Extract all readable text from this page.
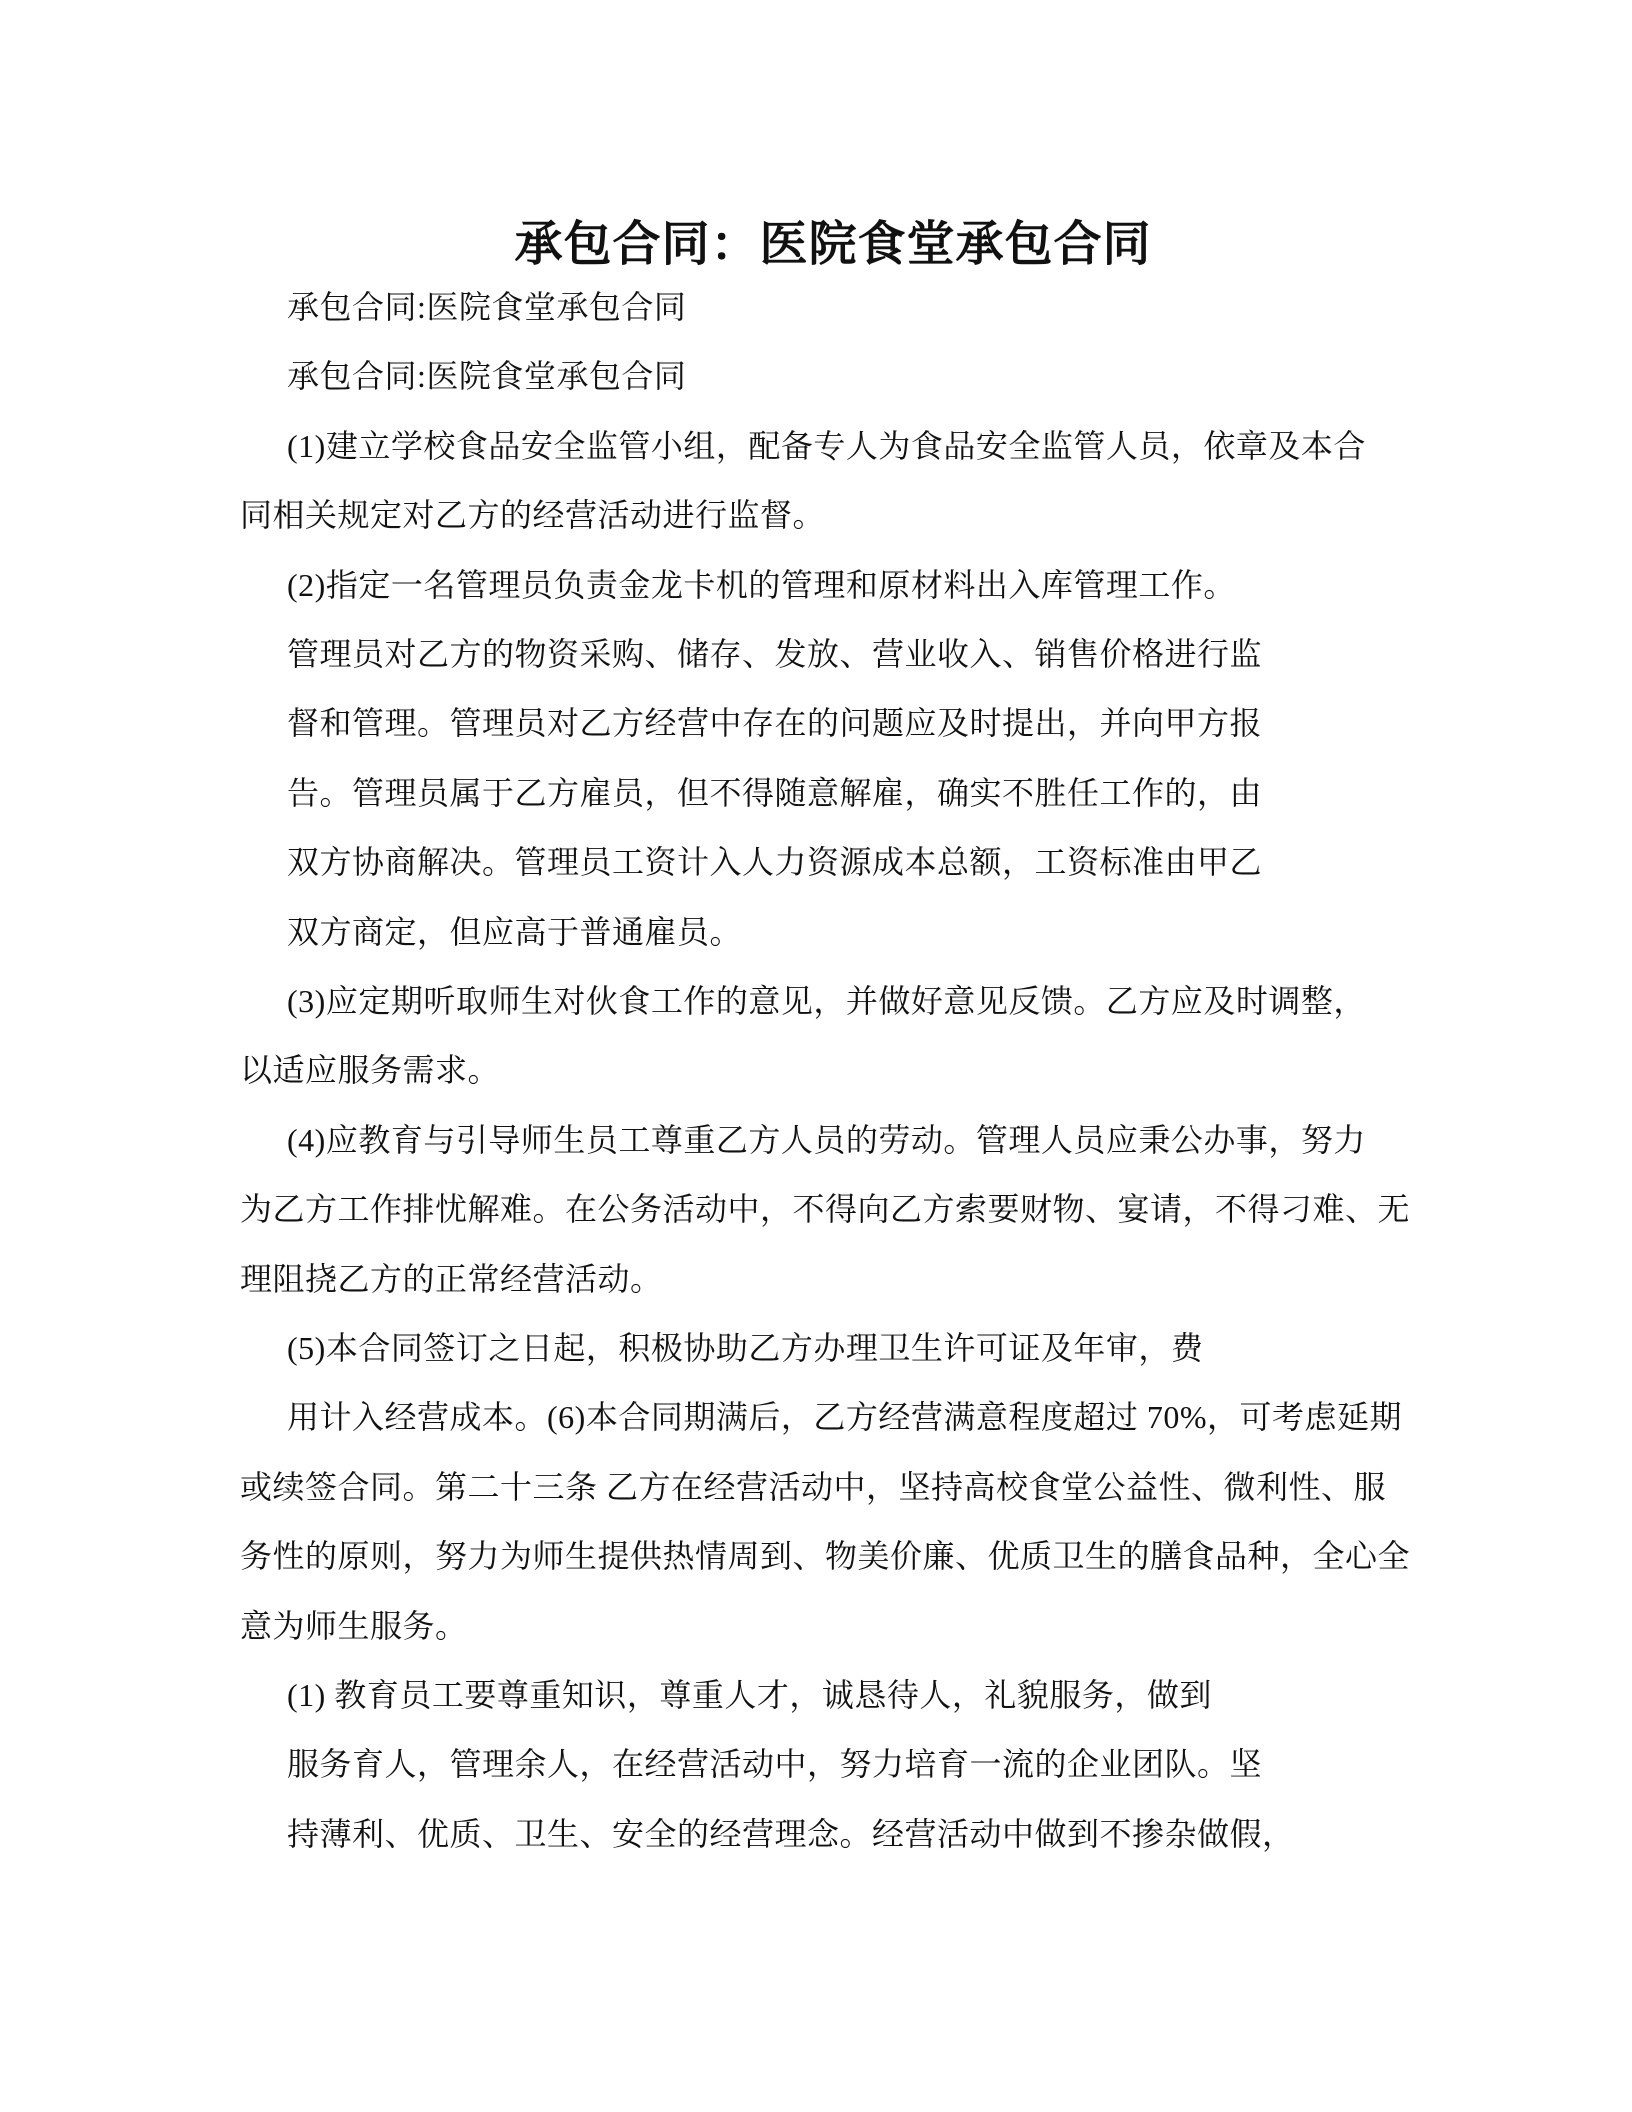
承包合同：医院食堂承包合同
承包合同:医院食堂承包合同
承包合同:医院食堂承包合同
(1)建立学校食品安全监管小组，配备专人为食品安全监管人员，依章及本合
同相关规定对乙方的经营活动进行监督。
(2)指定一名管理员负责金龙卡机的管理和原材料出入库管理工作。
管理员对乙方的物资采购、储存、发放、营业收入、销售价格进行监
督和管理。管理员对乙方经营中存在的问题应及时提出，并向甲方报
告。管理员属于乙方雇员，但不得随意解雇，确实不胜任工作的，由
双方协商解决。管理员工资计入人力资源成本总额，工资标准由甲乙
双方商定，但应高于普通雇员。
(3)应定期听取师生对伙食工作的意见，并做好意见反馈。乙方应及时调整，
以适应服务需求。
(4)应教育与引导师生员工尊重乙方人员的劳动。管理人员应秉公办事，努力
为乙方工作排忧解难。在公务活动中，不得向乙方索要财物、宴请，不得刁难、无
理阻挠乙方的正常经营活动。
(5)本合同签订之日起，积极协助乙方办理卫生许可证及年审，费
用计入经营成本。(6)本合同期满后，乙方经营满意程度超过 70%，可考虑延期
或续签合同。第二十三条 乙方在经营活动中，坚持高校食堂公益性、微利性、服
务性的原则，努力为师生提供热情周到、物美价廉、优质卫生的膳食品种，全心全
意为师生服务。
(1) 教育员工要尊重知识，尊重人才，诚恳待人，礼貌服务，做到
服务育人，管理余人，在经营活动中，努力培育一流的企业团队。坚
持薄利、优质、卫生、安全的经营理念。经营活动中做到不掺杂做假，
